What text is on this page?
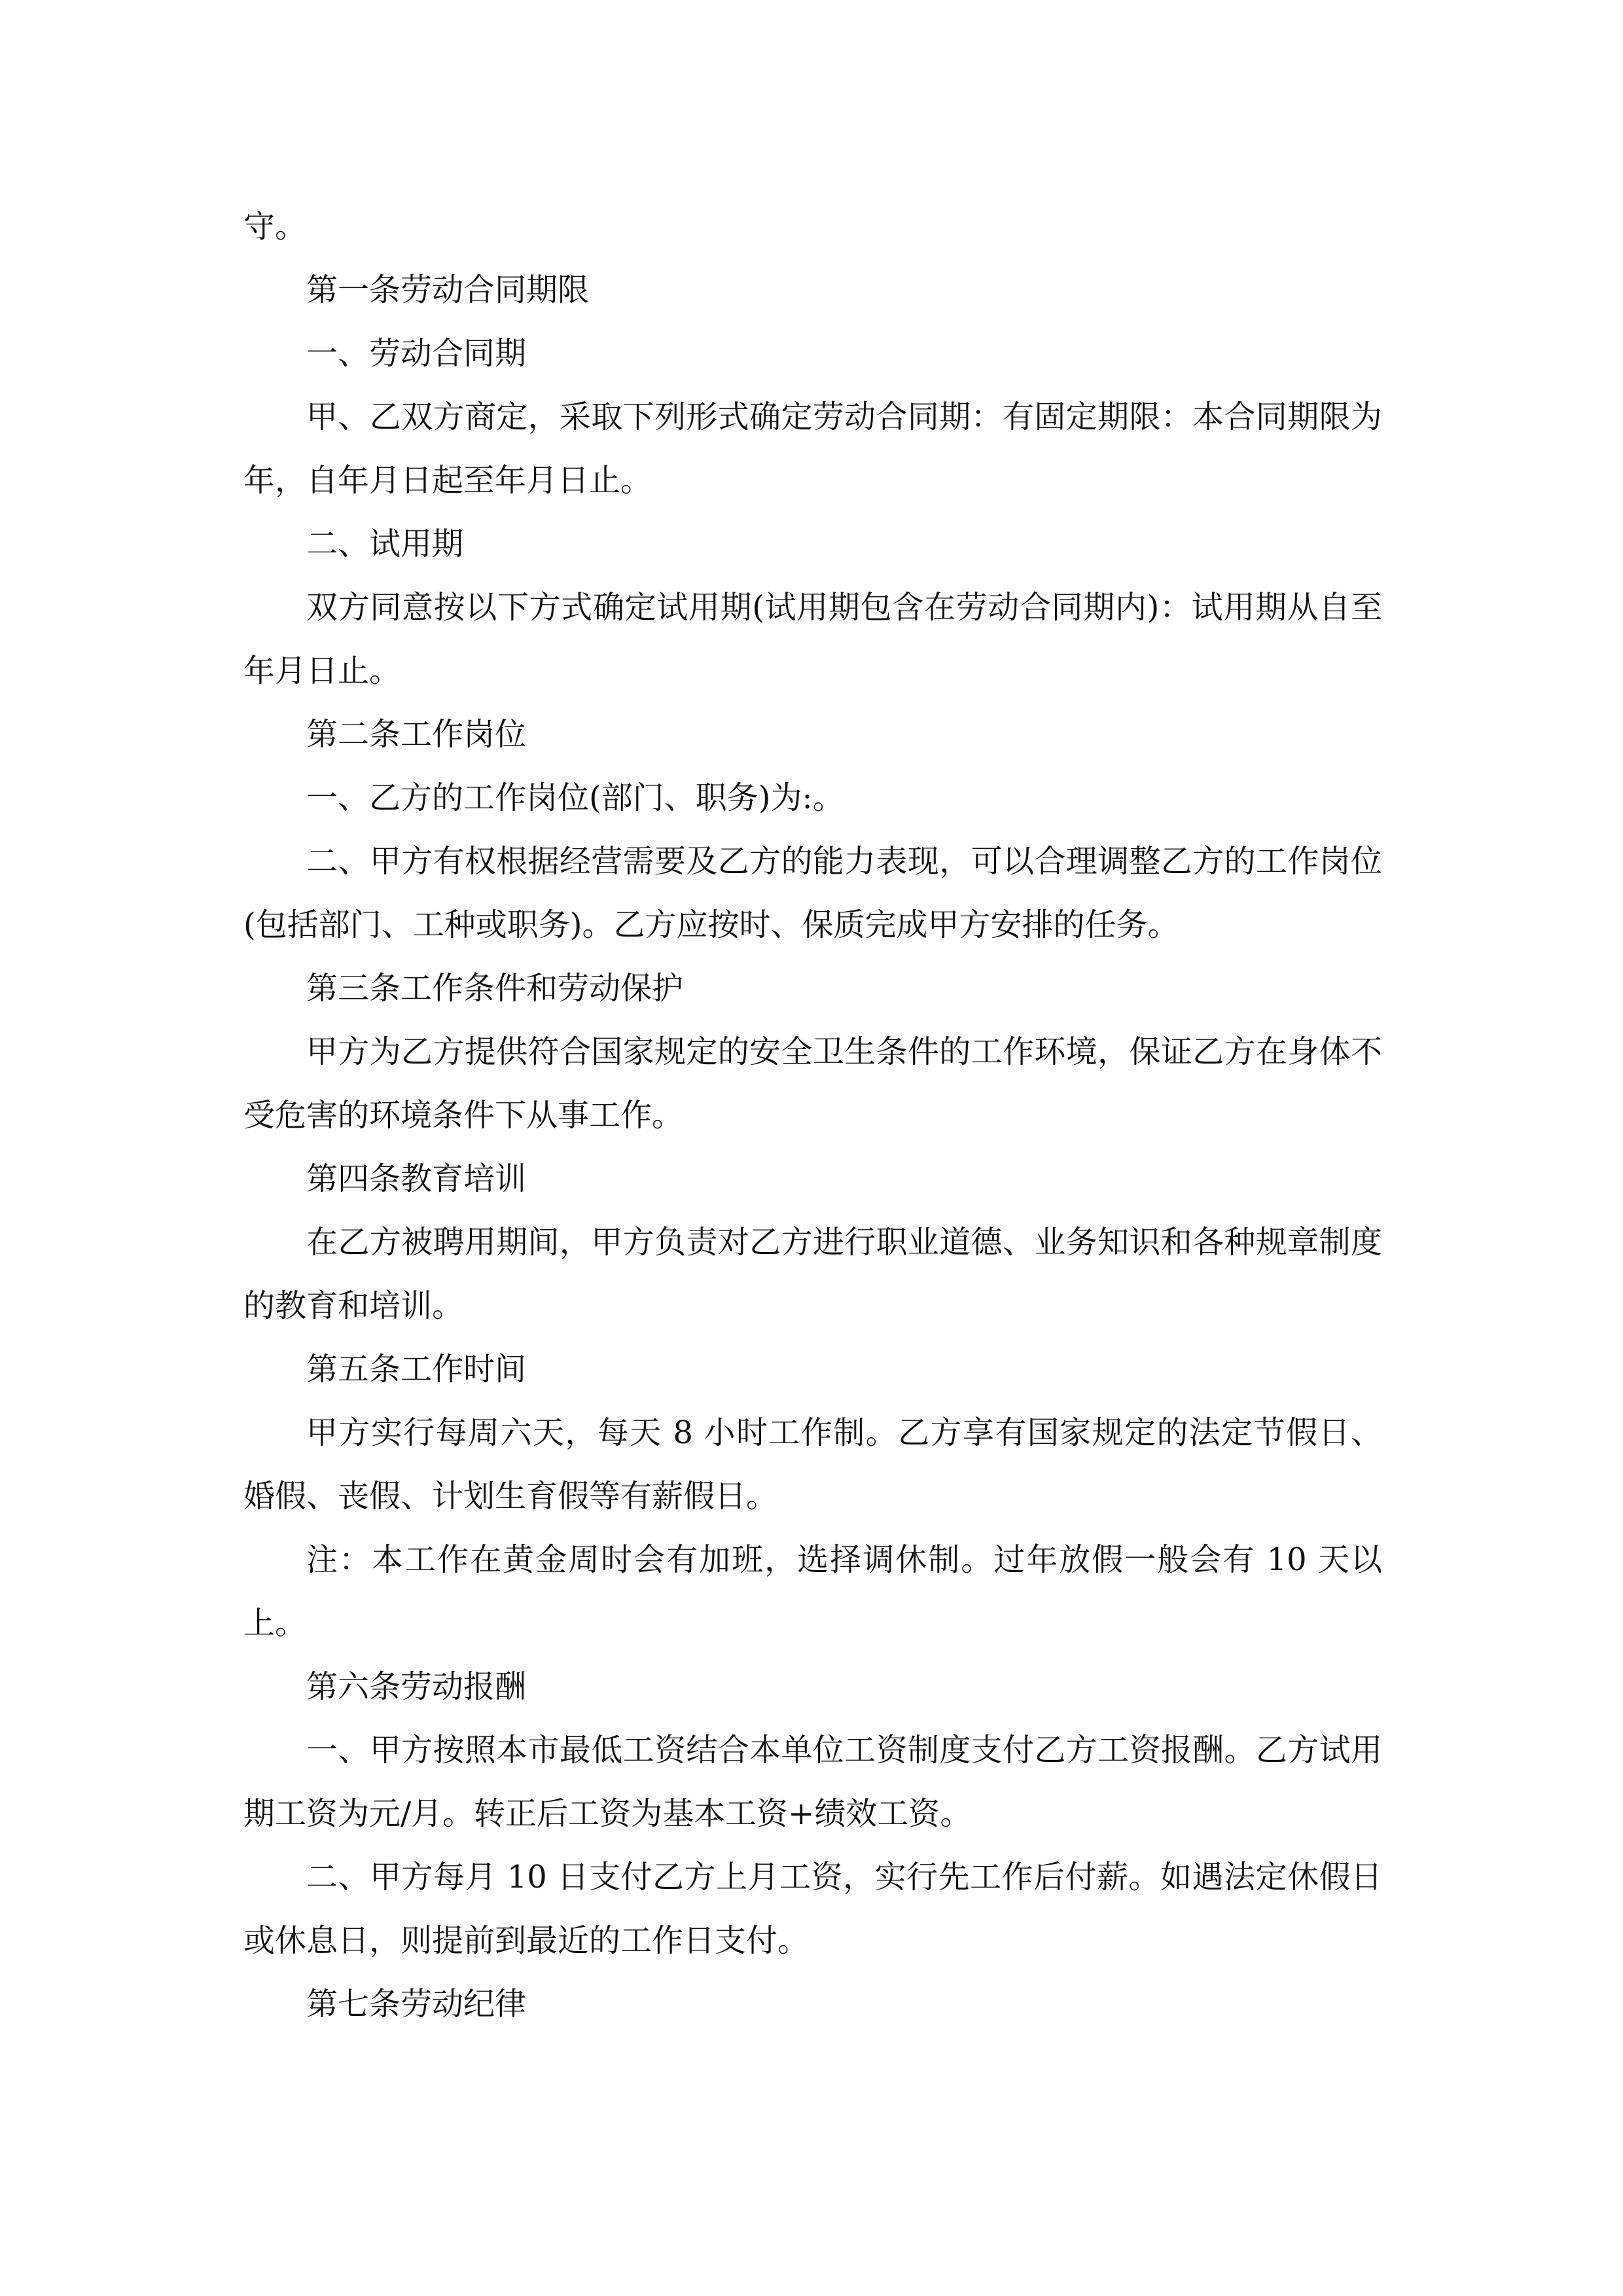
守。

第一条劳动合同期限

一、劳动合同期

甲、乙双方商定，采取下列形式确定劳动合同期：有固定期限：本合同期限为年，自年月日起至年月日止。

二、试用期

双方同意按以下方式确定试用期(试用期包含在劳动合同期内)：试用期从自至年月日止。

第二条工作岗位

一、乙方的工作岗位(部门、职务)为:。

二、甲方有权根据经营需要及乙方的能力表现，可以合理调整乙方的工作岗位(包括部门、工种或职务)。乙方应按时、保质完成甲方安排的任务。

第三条工作条件和劳动保护

甲方为乙方提供符合国家规定的安全卫生条件的工作环境，保证乙方在身体不受危害的环境条件下从事工作。

第四条教育培训

在乙方被聘用期间，甲方负责对乙方进行职业道德、业务知识和各种规章制度的教育和培训。

第五条工作时间

甲方实行每周六天，每天 8 小时工作制。乙方享有国家规定的法定节假日、婚假、丧假、计划生育假等有薪假日。

注：本工作在黄金周时会有加班，选择调休制。过年放假一般会有 10 天以上。

第六条劳动报酬

一、甲方按照本市最低工资结合本单位工资制度支付乙方工资报酬。乙方试用期工资为元/月。转正后工资为基本工资+绩效工资。

二、甲方每月 10 日支付乙方上月工资，实行先工作后付薪。如遇法定休假日或休息日，则提前到最近的工作日支付。

第七条劳动纪律
